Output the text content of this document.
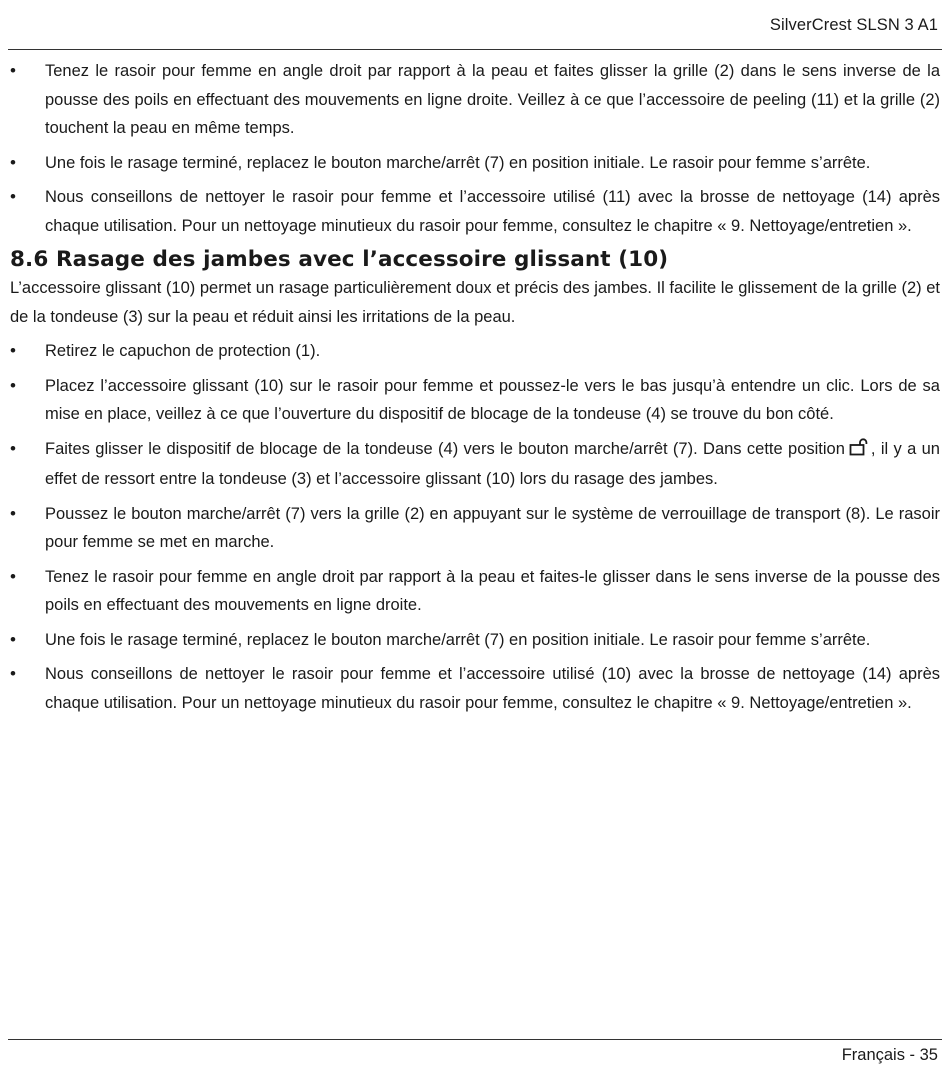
SilverCrest SLSN 3 A1
• Tenez le rasoir pour femme en angle droit par rapport à la peau et faites glisser la grille (2) dans le sens inverse de la pousse des poils en effectuant des mouvements en ligne droite. Veillez à ce que l’accessoire de peeling (11) et la grille (2) touchent la peau en même temps.
• Une fois le rasage terminé, replacez le bouton marche/arrêt (7) en position initiale. Le rasoir pour femme s’arrête.
• Nous conseillons de nettoyer le rasoir pour femme et l’accessoire utilisé (11) avec la brosse de nettoyage (14) après chaque utilisation. Pour un nettoyage minutieux du rasoir pour femme, consultez le chapitre « 9. Nettoyage/entretien ».
8.6 Rasage des jambes avec l’accessoire glissant (10)

L’accessoire glissant (10) permet un rasage particulièrement doux et précis des jambes. Il facilite le glissement de la grille (2) et de la tondeuse (3) sur la peau et réduit ainsi les irritations de la peau.

• Retirez le capuchon de protection (1).
• Placez l’accessoire glissant (10) sur le rasoir pour femme et poussez-le vers le bas jusqu’à entendre un clic. Lors de sa mise en place, veillez à ce que l’ouverture du dispositif de blocage de la tondeuse (4) se trouve du bon côté.
• Faites glisser le dispositif de blocage de la tondeuse (4) vers le bouton marche/arrêt (7). Dans cette position , il y a un effet de ressort entre la tondeuse (3) et l’accessoire glissant (10) lors du rasage des jambes.
• Poussez le bouton marche/arrêt (7) vers la grille (2) en appuyant sur le système de verrouillage de transport (8). Le rasoir pour femme se met en marche.
• Tenez le rasoir pour femme en angle droit par rapport à la peau et faites-le glisser dans le sens inverse de la pousse des poils en effectuant des mouvements en ligne droite.
• Une fois le rasage terminé, replacez le bouton marche/arrêt (7) en position initiale. Le rasoir pour femme s’arrête.
• Nous conseillons de nettoyer le rasoir pour femme et l’accessoire utilisé (10) avec la brosse de nettoyage (14) après chaque utilisation. Pour un nettoyage minutieux du rasoir pour femme, consultez le chapitre « 9. Nettoyage/entretien ».
Français - 35
